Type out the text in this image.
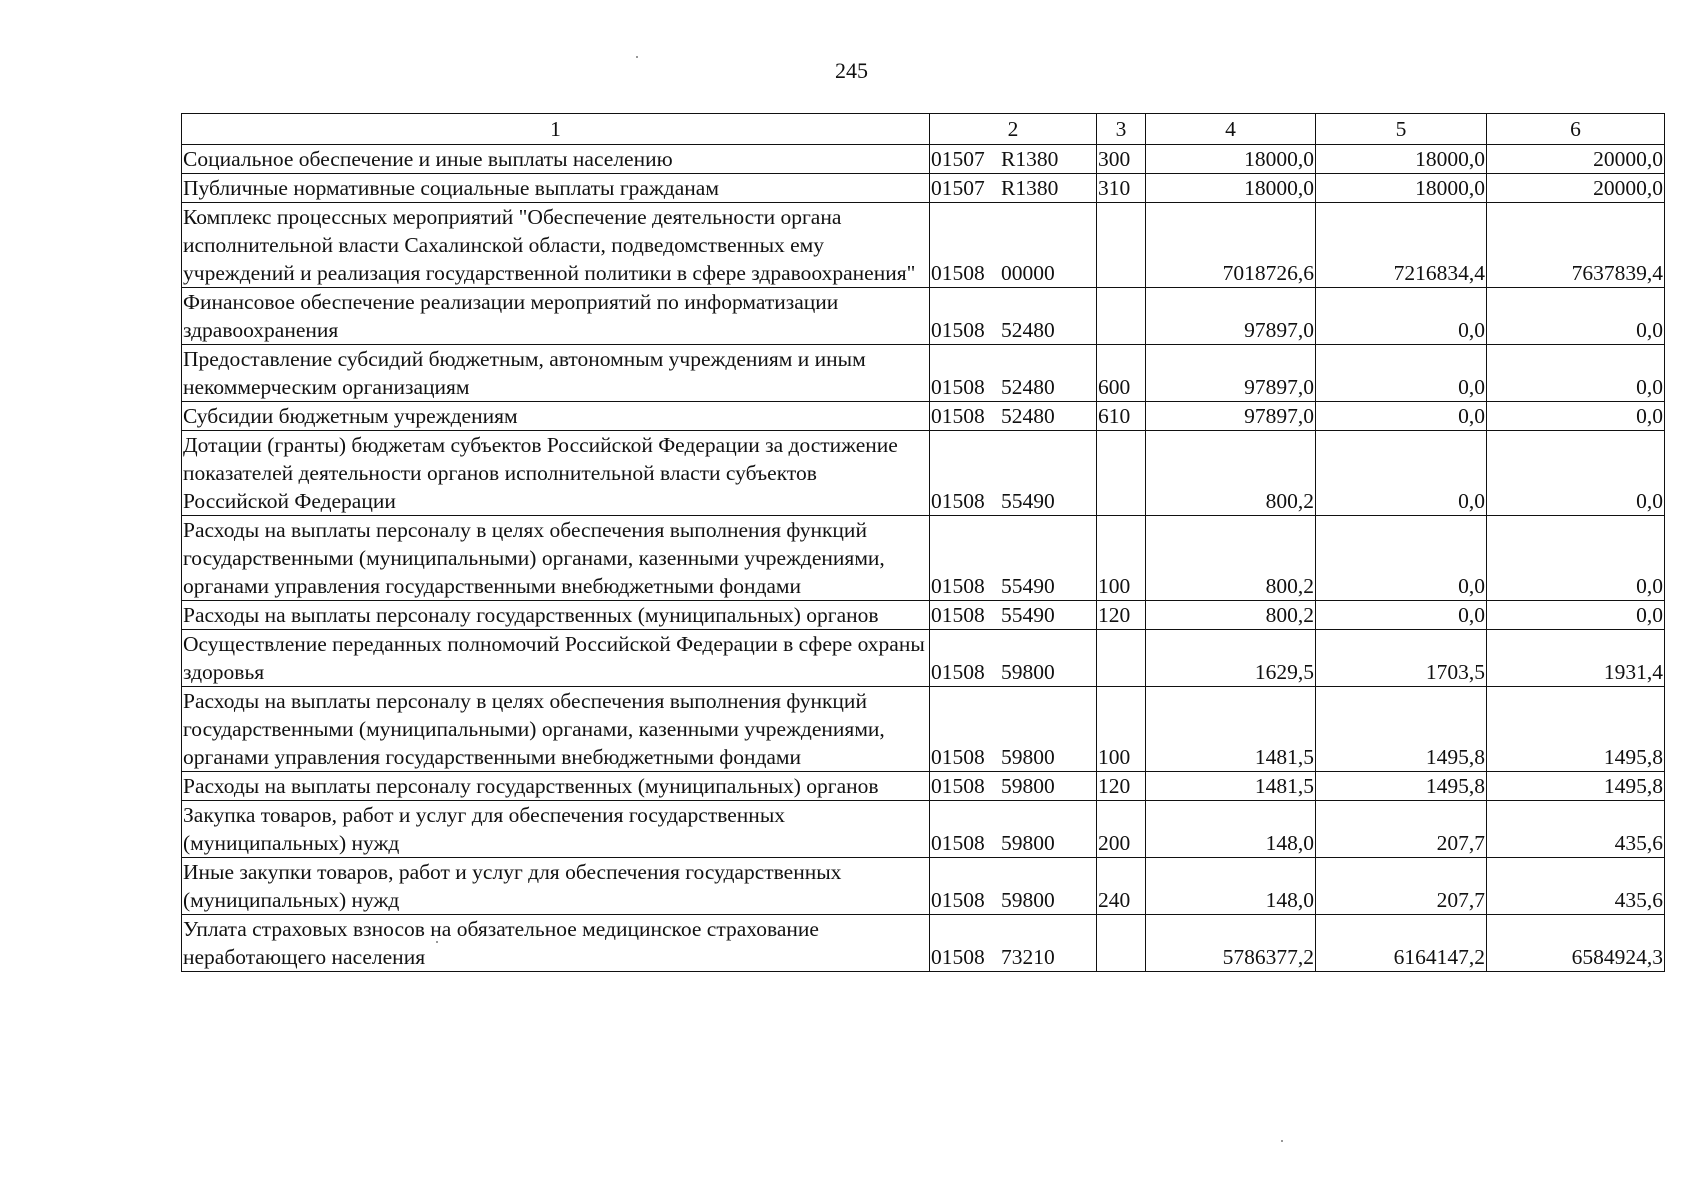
245
1	2	3	4	5	6
Социальное обеспечение и иные выплаты населению	01507 R1380	300	18000,0	18000,0	20000,0
Публичные нормативные социальные выплаты гражданам	01507 R1380	310	18000,0	18000,0	20000,0
Комплекс процессных мероприятий "Обеспечение деятельности органа исполнительной власти Сахалинской области, подведомственных ему учреждений и реализация государственной политики в сфере здравоохранения"	01508 00000		7018726,6	7216834,4	7637839,4
Финансовое обеспечение реализации мероприятий по информатизации здравоохранения	01508 52480		97897,0	0,0	0,0
Предоставление субсидий бюджетным, автономным учреждениям и иным некоммерческим организациям	01508 52480	600	97897,0	0,0	0,0
Субсидии бюджетным учреждениям	01508 52480	610	97897,0	0,0	0,0
Дотации (гранты) бюджетам субъектов Российской Федерации за достижение показателей деятельности органов исполнительной власти субъектов Российской Федерации	01508 55490		800,2	0,0	0,0
Расходы на выплаты персоналу в целях обеспечения выполнения функций государственными (муниципальными) органами, казенными учреждениями, органами управления государственными внебюджетными фондами	01508 55490	100	800,2	0,0	0,0
Расходы на выплаты персоналу государственных (муниципальных) органов	01508 55490	120	800,2	0,0	0,0
Осуществление переданных полномочий Российской Федерации в сфере охраны здоровья	01508 59800		1629,5	1703,5	1931,4
Расходы на выплаты персоналу в целях обеспечения выполнения функций государственными (муниципальными) органами, казенными учреждениями, органами управления государственными внебюджетными фондами	01508 59800	100	1481,5	1495,8	1495,8
Расходы на выплаты персоналу государственных (муниципальных) органов	01508 59800	120	1481,5	1495,8	1495,8
Закупка товаров, работ и услуг для обеспечения государственных (муниципальных) нужд	01508 59800	200	148,0	207,7	435,6
Иные закупки товаров, работ и услуг для обеспечения государственных (муниципальных) нужд	01508 59800	240	148,0	207,7	435,6
Уплата страховых взносов на обязательное медицинское страхование неработающего населения	01508 73210		5786377,2	6164147,2	6584924,3
